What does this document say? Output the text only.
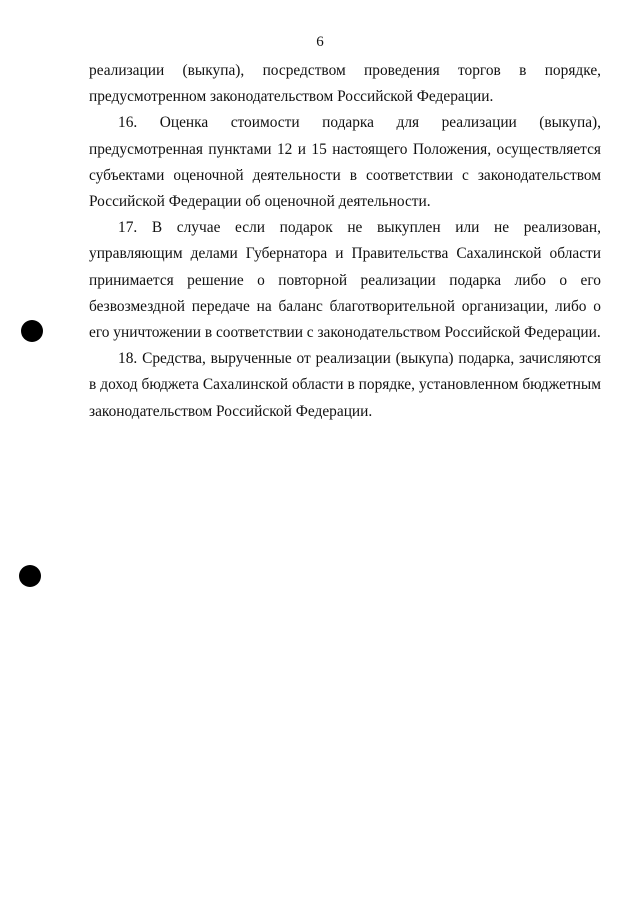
6

реализации (выкупа), посредством проведения торгов в порядке, предусмотренном законодательством Российской Федерации.

16. Оценка стоимости подарка для реализации (выкупа), предусмотренная пунктами 12 и 15 настоящего Положения, осуществляется субъектами оценочной деятельности в соответствии с законодательством Российской Федерации об оценочной деятельности.

17. В случае если подарок не выкуплен или не реализован, управляющим делами Губернатора и Правительства Сахалинской области принимается решение о повторной реализации подарка либо о его безвозмездной передаче на баланс благотворительной организации, либо о его уничтожении в соответствии с законодательством Российской Федерации.

18. Средства, вырученные от реализации (выкупа) подарка, зачисляются в доход бюджета Сахалинской области в порядке, установленном бюджетным законодательством Российской Федерации.
